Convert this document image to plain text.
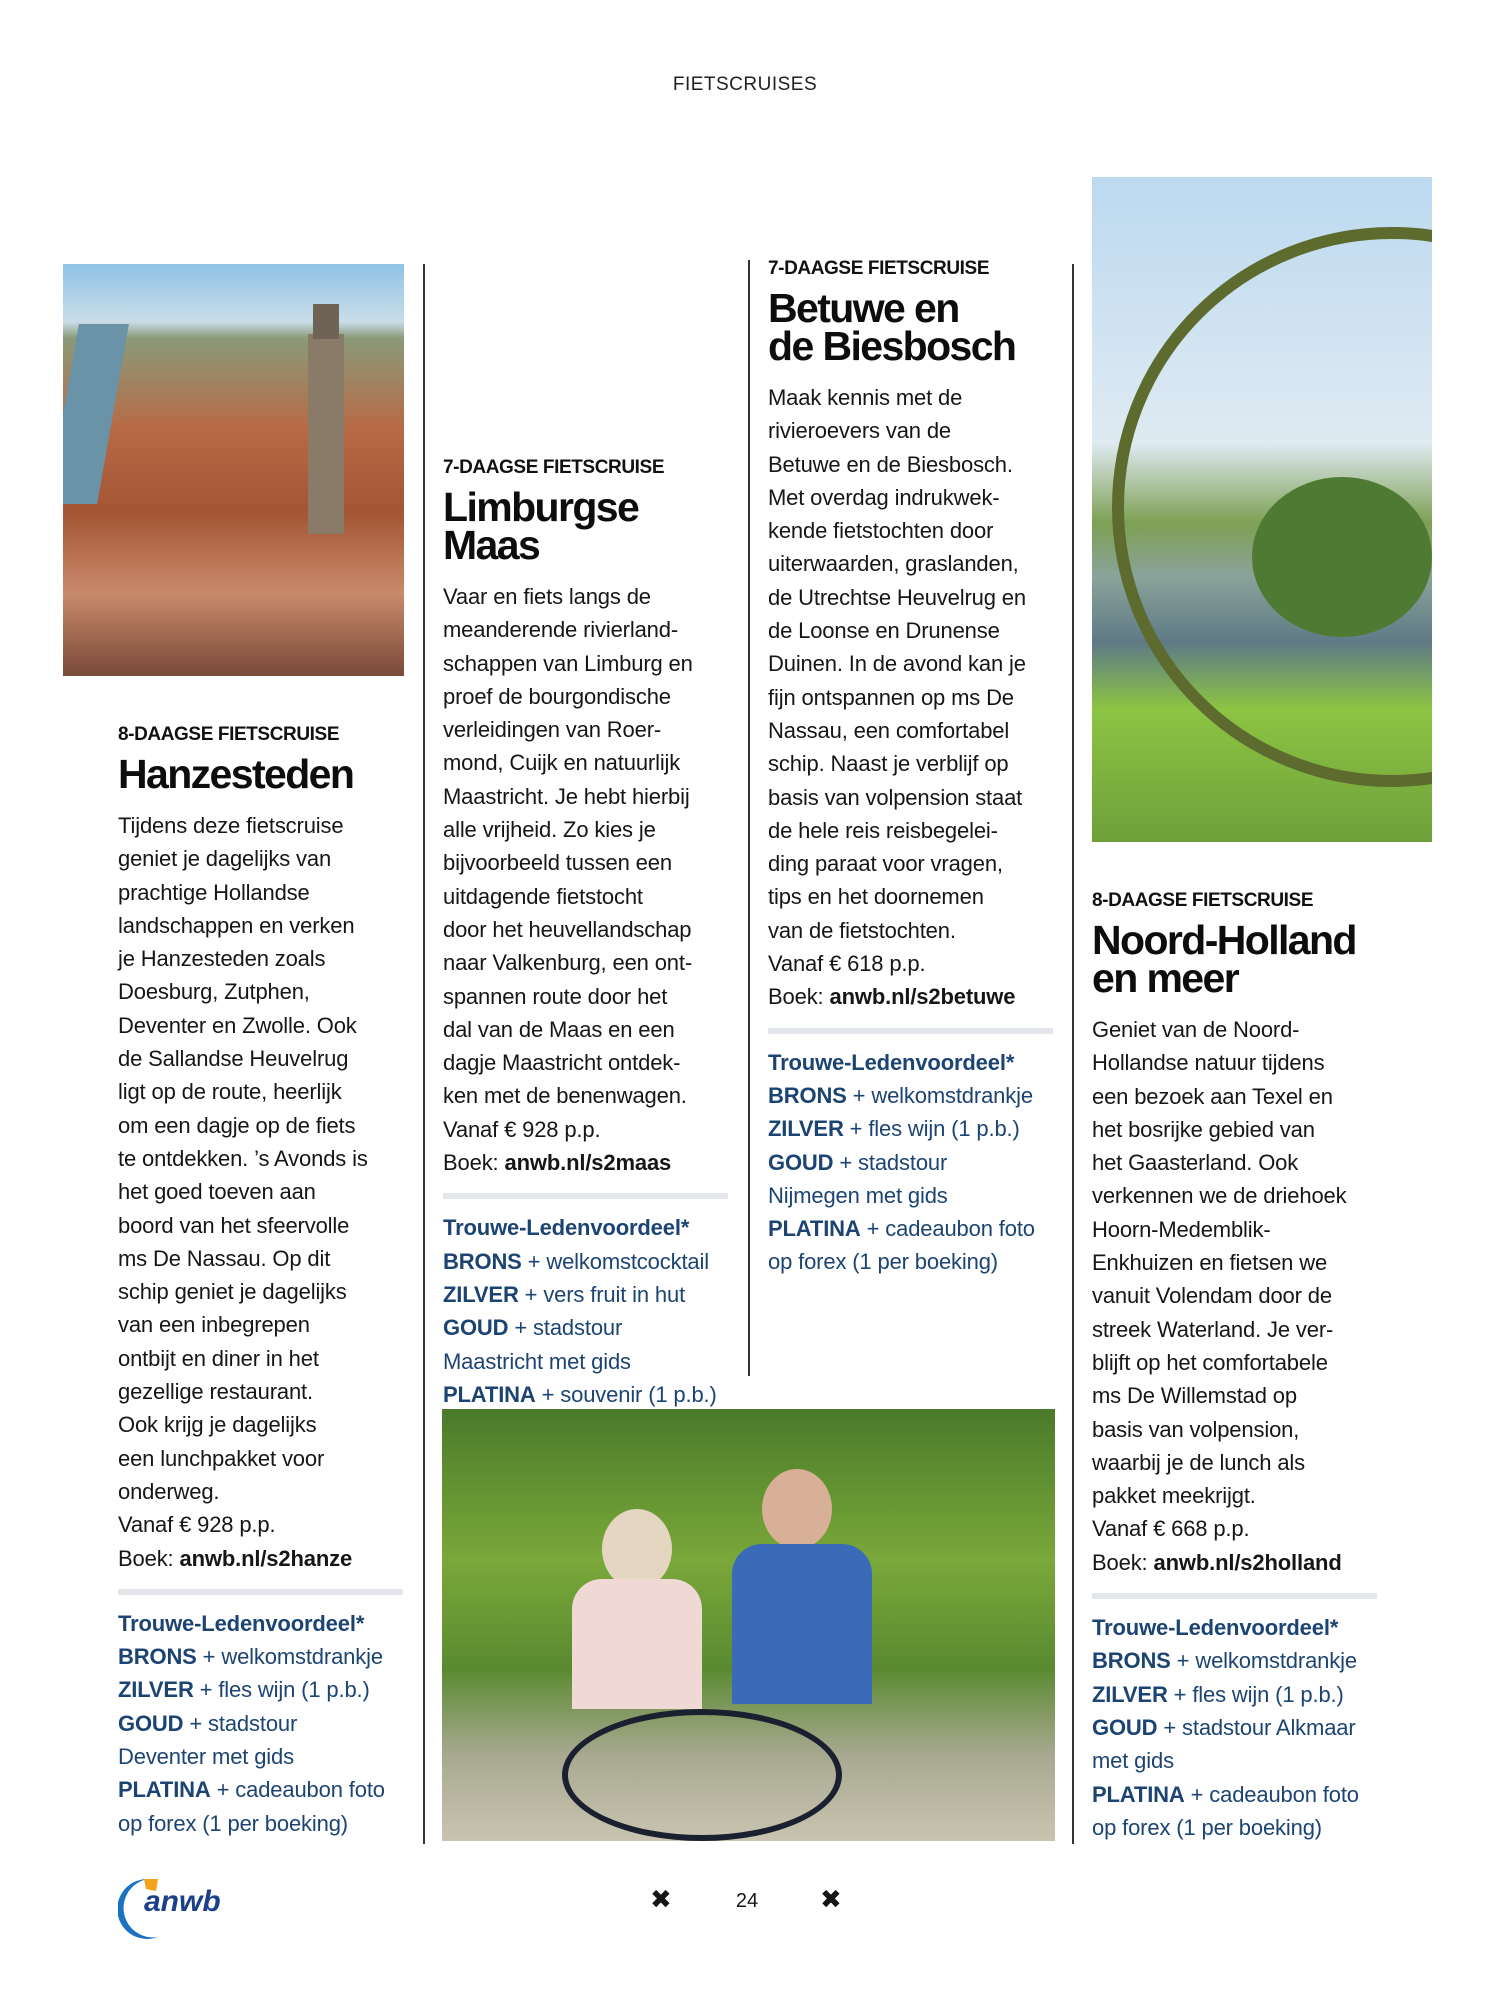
FIETSCRUISES
8-DAAGSE FIETSCRUISE
Hanzesteden
Tijdens deze fietscruise
geniet je dagelijks van
prachtige Hollandse
landschappen en verken
je Hanzesteden zoals
Doesburg, Zutphen,
Deventer en Zwolle. Ook
de Sallandse Heuvelrug
ligt op de route, heerlijk
om een dagje op de fiets
te ontdekken. ’s Avonds is
het goed toeven aan
boord van het sfeervolle
ms De Nassau. Op dit
schip geniet je dagelijks
van een inbegrepen
ontbijt en diner in het
gezellige restaurant.
Ook krijg je dagelijks
een lunchpakket voor
onderweg.
Vanaf € 928 p.p.
Boek: anwb.nl/s2hanze
Trouwe-Ledenvoordeel*
BRONS + welkomstdrankje
ZILVER + fles wijn (1 p.b.)
GOUD + stadstour
Deventer met gids
PLATINA + cadeaubon foto
op forex (1 per boeking)
7-DAAGSE FIETSCRUISE
Limburgse Maas
Vaar en fiets langs de
meanderende rivierland-
schappen van Limburg en
proef de bourgondische
verleidingen van Roer-
mond, Cuijk en natuurlijk
Maastricht. Je hebt hierbij
alle vrijheid. Zo kies je
bijvoorbeeld tussen een
uitdagende fietstocht
door het heuvellandschap
naar Valkenburg, een ont-
spannen route door het
dal van de Maas en een
dagje Maastricht ontdek-
ken met de benenwagen.
Vanaf € 928 p.p.
Boek: anwb.nl/s2maas
Trouwe-Ledenvoordeel*
BRONS + welkomstcocktail
ZILVER + vers fruit in hut
GOUD + stadstour
Maastricht met gids
PLATINA + souvenir (1 p.b.)
7-DAAGSE FIETSCRUISE
Betuwe en
de Biesbosch
Maak kennis met de
rivieroevers van de
Betuwe en de Biesbosch.
Met overdag indrukwek-
kende fietstochten door
uiterwaarden, graslanden,
de Utrechtse Heuvelrug en
de Loonse en Drunense
Duinen. In de avond kan je
fijn ontspannen op ms De
Nassau, een comfortabel
schip. Naast je verblijf op
basis van volpension staat
de hele reis reisbegelei-
ding paraat voor vragen,
tips en het doornemen
van de fietstochten.
Vanaf € 618 p.p.
Boek: anwb.nl/s2betuwe
Trouwe-Ledenvoordeel*
BRONS + welkomstdrankje
ZILVER + fles wijn (1 p.b.)
GOUD + stadstour
Nijmegen met gids
PLATINA + cadeaubon foto
op forex (1 per boeking)
8-DAAGSE FIETSCRUISE
Noord-Holland
en meer
Geniet van de Noord-
Hollandse natuur tijdens
een bezoek aan Texel en
het bosrijke gebied van
het Gaasterland. Ook
verkennen we de driehoek
Hoorn-Medemblik-
Enkhuizen en fietsen we
vanuit Volendam door de
streek Waterland. Je ver-
blijft op het comfortabele
ms De Willemstad op
basis van volpension,
waarbij je de lunch als
pakket meekrijgt.
Vanaf € 668 p.p.
Boek: anwb.nl/s2holland
Trouwe-Ledenvoordeel*
BRONS + welkomstdrankje
ZILVER + fles wijn (1 p.b.)
GOUD + stadstour Alkmaar
met gids
PLATINA + cadeaubon foto
op forex (1 per boeking)
anwb	✖	24 ✖
